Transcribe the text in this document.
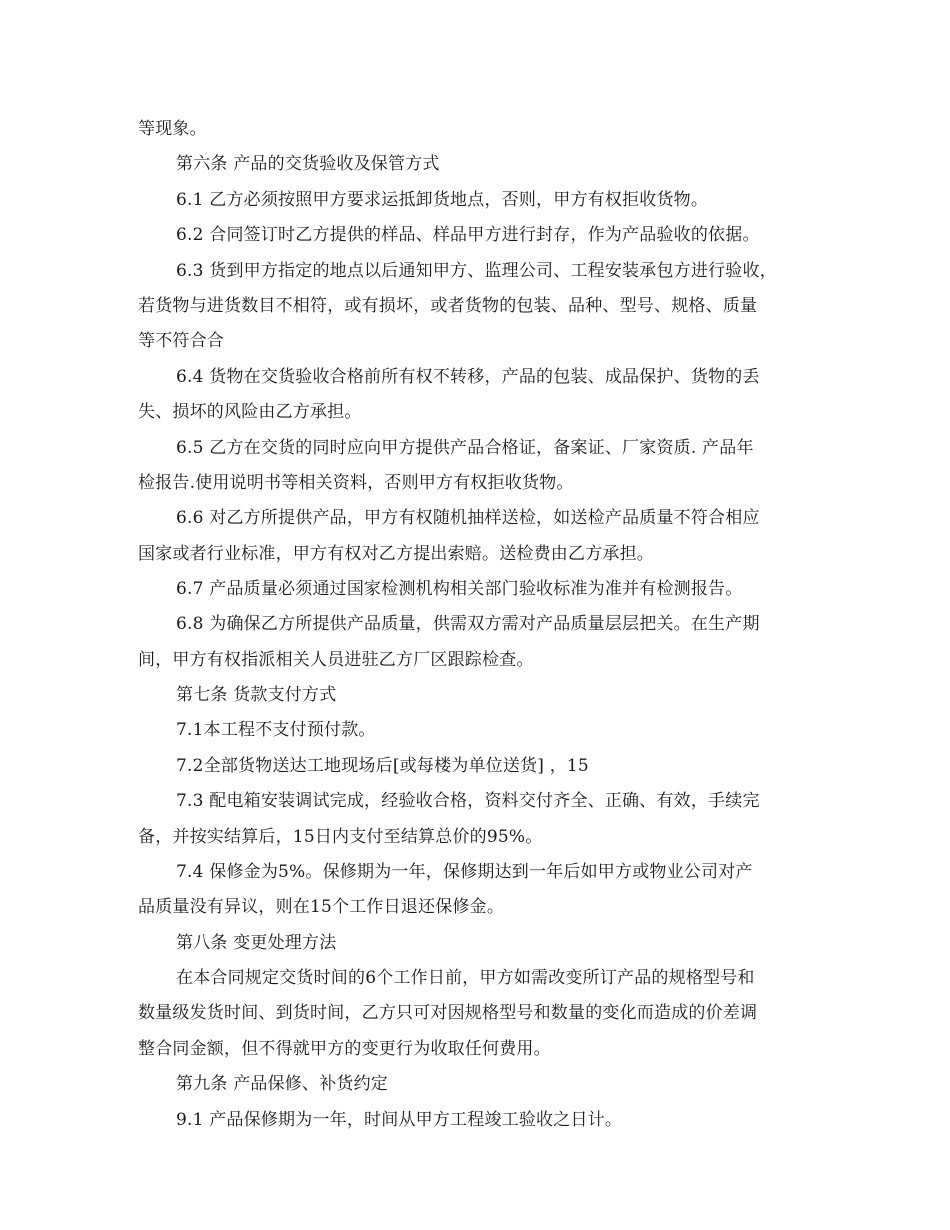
等现象。
第六条 产品的交货验收及保管方式
6.1 乙方必须按照甲方要求运抵卸货地点，否则，甲方有权拒收货物。
6.2 合同签订时乙方提供的样品、样品甲方进行封存，作为产品验收的依据。
6.3 货到甲方指定的地点以后通知甲方、监理公司、工程安装承包方进行验收，
若货物与进货数目不相符，或有损坏，或者货物的包装、品种、型号、规格、质量
等不符合合
6.4 货物在交货验收合格前所有权不转移，产品的包装、成品保护、货物的丢
失、损坏的风险由乙方承担。
6.5 乙方在交货的同时应向甲方提供产品合格证，备案证、厂家资质. 产品年
检报告.使用说明书等相关资料，否则甲方有权拒收货物。
6.6 对乙方所提供产品，甲方有权随机抽样送检，如送检产品质量不符合相应
国家或者行业标准，甲方有权对乙方提出索赔。送检费由乙方承担。
6.7 产品质量必须通过国家检测机构相关部门验收标准为准并有检测报告。
6.8 为确保乙方所提供产品质量，供需双方需对产品质量层层把关。在生产期
间，甲方有权指派相关人员进驻乙方厂区跟踪检查。
第七条 货款支付方式
7.1本工程不支付预付款。
7.2全部货物送达工地现场后[或每楼为单位送货] ，15
7.3 配电箱安装调试完成，经验收合格，资料交付齐全、正确、有效，手续完
备，并按实结算后，15日内支付至结算总价的95%。
7.4 保修金为5%。保修期为一年，保修期达到一年后如甲方或物业公司对产
品质量没有异议，则在15个工作日退还保修金。
第八条 变更处理方法
在本合同规定交货时间的6个工作日前，甲方如需改变所订产品的规格型号和
数量级发货时间、到货时间，乙方只可对因规格型号和数量的变化而造成的价差调
整合同金额，但不得就甲方的变更行为收取任何费用。
第九条 产品保修、补货约定
9.1 产品保修期为一年，时间从甲方工程竣工验收之日计。
